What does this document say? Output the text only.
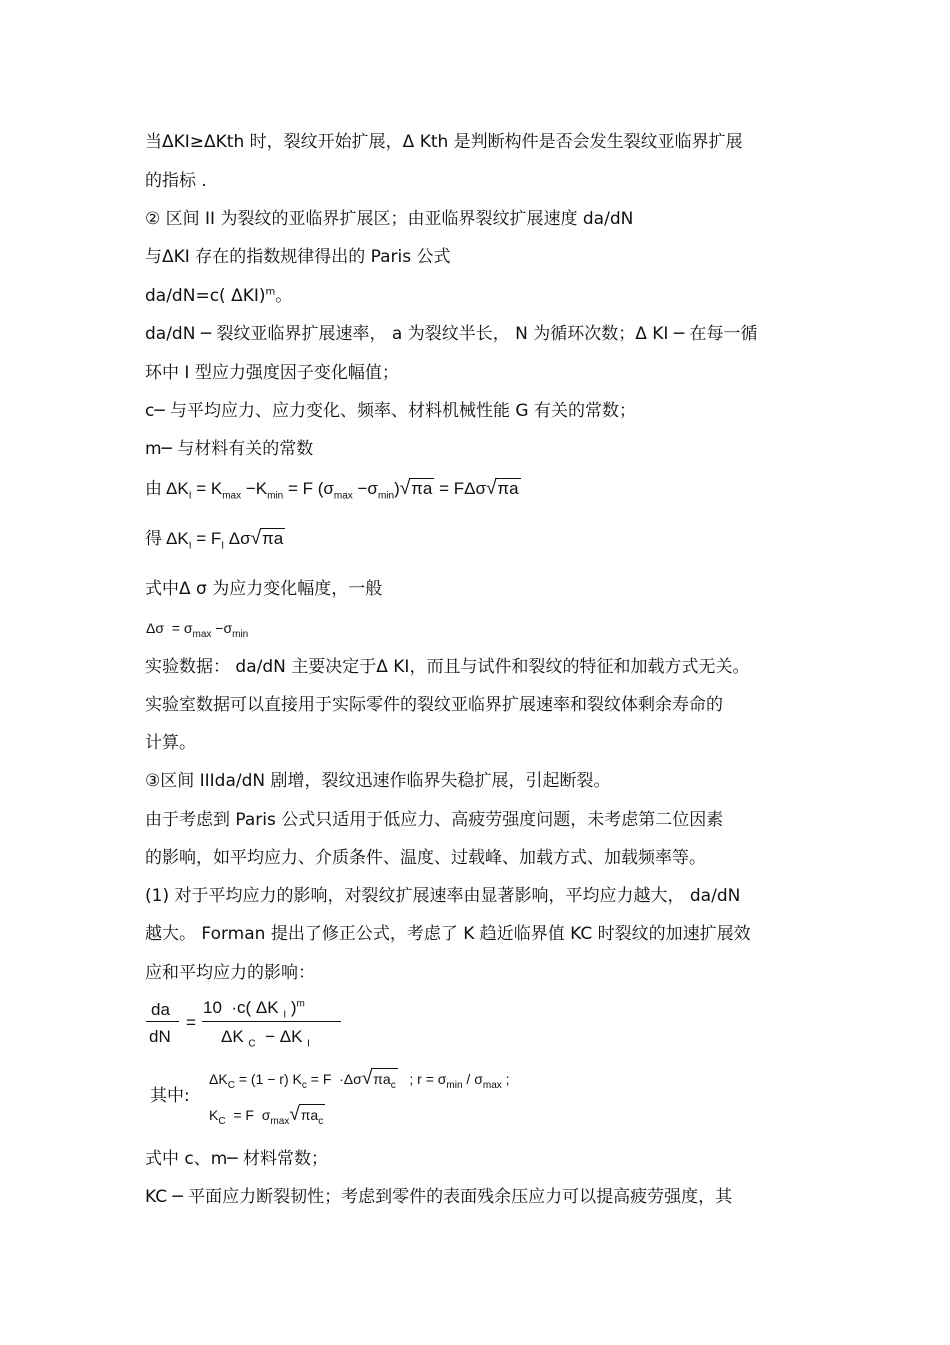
当ΔKI≥ΔKth 时，裂纹开始扩展，Δ Kth 是判断构件是否会发生裂纹亚临界扩展
的指标 .
② 区间 II 为裂纹的亚临界扩展区；由亚临界裂纹扩展速度 da/dN
与ΔKI 存在的指数规律得出的 Paris 公式
da/dN=c( ΔKI)$^m$。
da/dN ─ 裂纹亚临界扩展速率， a 为裂纹半长， N 为循环次数；Δ KI ─ 在每一循
环中 I 型应力强度因子变化幅值；
c─ 与平均应力、应力变化、频率、材料机械性能 G 有关的常数；
m─ 与材料有关的常数
由 $\Delta K_I = K_{max} -K_{min} = F$ $(\sigma_{max} -\sigma_{min})√\pi a = F\Delta\sigma√\pi a$
得 $\Delta K_I = F_I$ Δσ√πa
式中Δ σ 为应力变化幅度，一般
$\Delta\sigma = \sigma_{max} -\sigma_{min}$
实验数据： da/dN 主要决定于Δ KI，而且与试件和裂纹的特征和加载方式无关。
实验室数据可以直接用于实际零件的裂纹亚临界扩展速率和裂纹体剩余寿命的
计算。
③区间 IIIda/dN 剧增，裂纹迅速作临界失稳扩展，引起断裂。
由于考虑到 Paris 公式只适用于低应力、高疲劳强度问题，未考虑第二位因素
的影响，如平均应力、介质条件、温度、过载峰、加载方式、加载频率等。
(1) 对于平均应力的影响，对裂纹扩展速率由显著影响，平均应力越大， da/dN
越大。 Forman 提出了修正公式，考虑了 K 趋近临界值 KC 时裂纹的加速扩展效
应和平均应力的影响：
da
dN
=
10  ·c( ΔK $_I$ )$^m$
ΔK $_C$  − ΔK $_I$
其中:
$\Delta K_C = (1 - r) K_c = F \cdot\Delta\sigma√\pi a_c$   ; $r = \sigma_{min} / \sigma_{max}$ ;
$K_C = F$  $\sigma_{max}√\pi a_c$
式中 c、m─ 材料常数；
KC ─ 平面应力断裂韧性；考虑到零件的表面残余压应力可以提高疲劳强度，其
